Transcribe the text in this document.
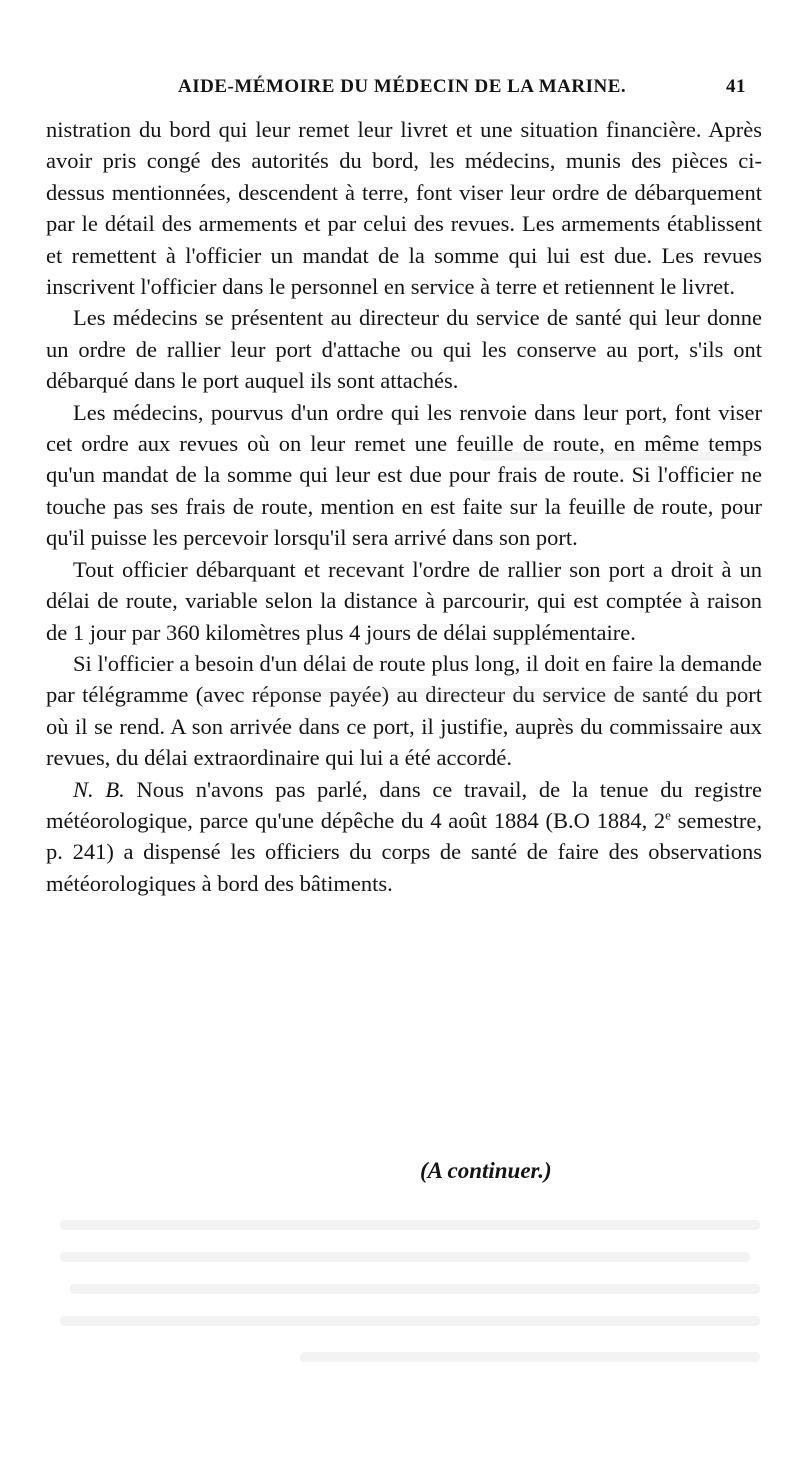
AIDE-MÉMOIRE DU MÉDECIN DE LA MARINE.	41

nistration du bord qui leur remet leur livret et une situation financière. Après avoir pris congé des autorités du bord, les médecins, munis des pièces ci-dessus mentionnées, descendent à terre, font viser leur ordre de débarquement par le détail des armements et par celui des revues. Les armements établissent et remettent à l'officier un mandat de la somme qui lui est due. Les revues inscrivent l'officier dans le personnel en service à terre et retiennent le livret.

Les médecins se présentent au directeur du service de santé qui leur donne un ordre de rallier leur port d'attache ou qui les conserve au port, s'ils ont débarqué dans le port auquel ils sont attachés.

Les médecins, pourvus d'un ordre qui les renvoie dans leur port, font viser cet ordre aux revues où on leur remet une feuille de route, en même temps qu'un mandat de la somme qui leur est due pour frais de route. Si l'officier ne touche pas ses frais de route, mention en est faite sur la feuille de route, pour qu'il puisse les percevoir lorsqu'il sera arrivé dans son port.

Tout officier débarquant et recevant l'ordre de rallier son port a droit à un délai de route, variable selon la distance à parcourir, qui est comptée à raison de 1 jour par 360 kilomètres plus 4 jours de délai supplémentaire.

Si l'officier a besoin d'un délai de route plus long, il doit en faire la demande par télégramme (avec réponse payée) au directeur du service de santé du port où il se rend. A son arrivée dans ce port, il justifie, auprès du commissaire aux revues, du délai extraordinaire qui lui a été accordé.

N. B. Nous n'avons pas parlé, dans ce travail, de la tenue du registre météorologique, parce qu'une dépêche du 4 août 1884 (B.O 1884, 2e semestre, p. 241) a dispensé les officiers du corps de santé de faire des observations météorologiques à bord des bâtiments.

(A continuer.)
